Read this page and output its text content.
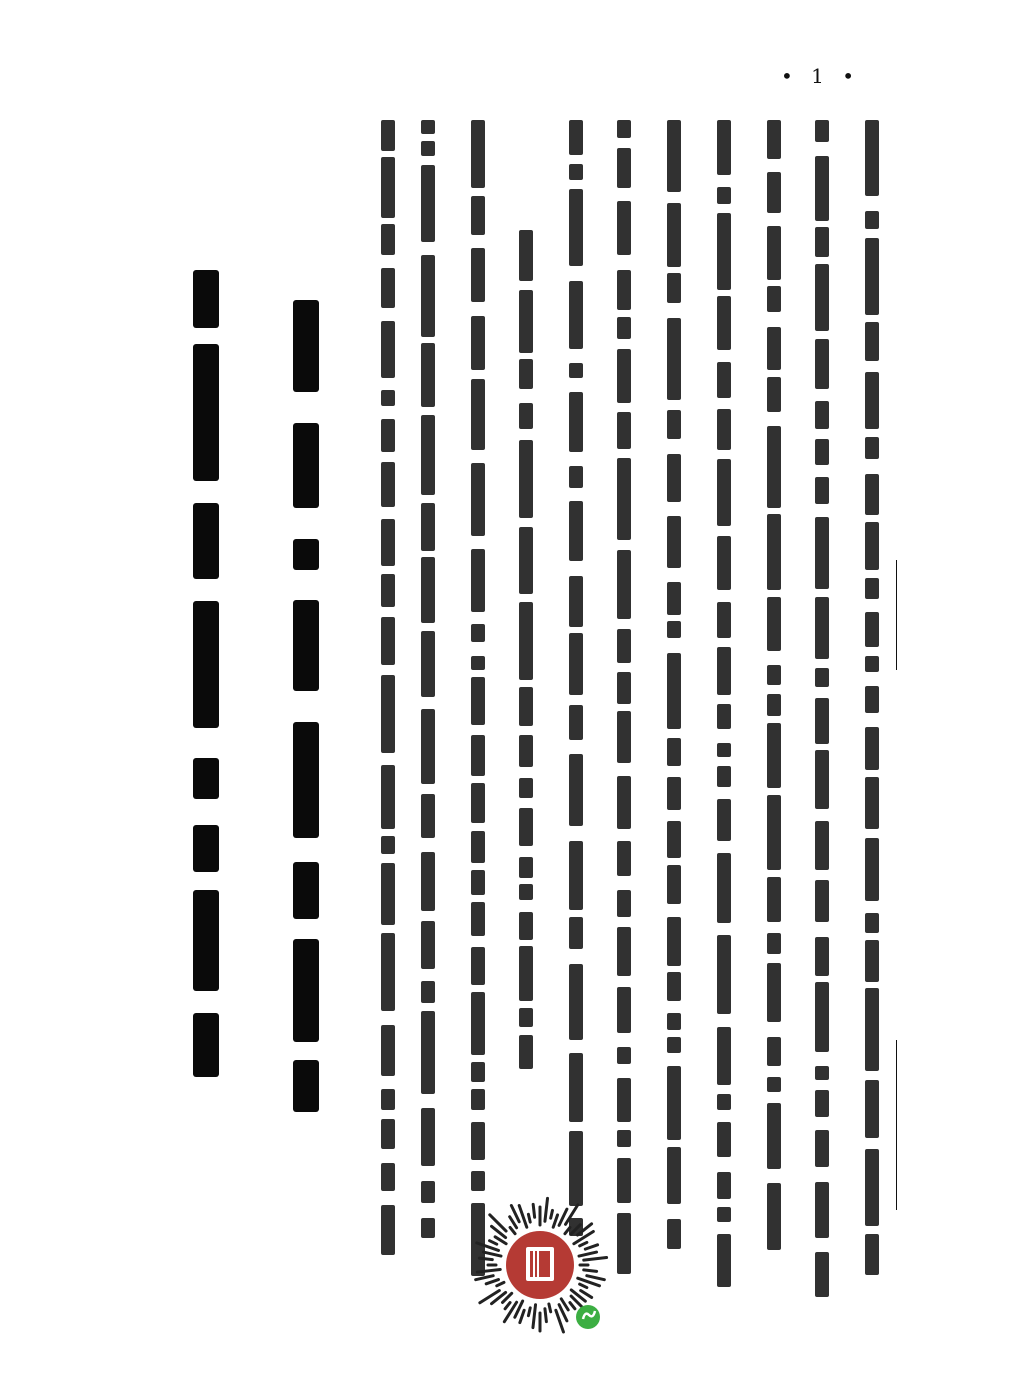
• 1 •
